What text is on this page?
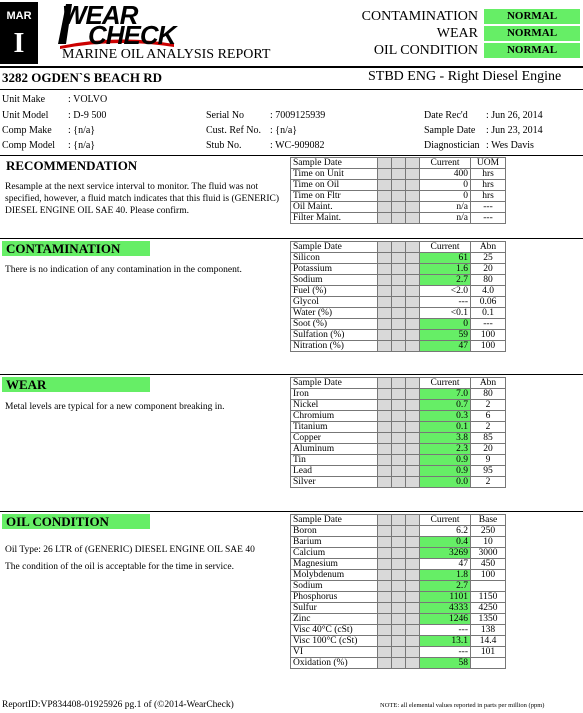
MAR
I
WEAR
CHECK
MARINE OIL ANALYSIS REPORT
CONTAMINATION	NORMAL
WEAR	NORMAL
OIL CONDITION	NORMAL
3282 OGDEN`S BEACH RD	STBD ENG - Right Diesel Engine
Unit Make : VOLVO
Unit Model : D-9 500
Comp Make : {n/a}
Comp Model : {n/a}
Serial No	: 7009125939
Cust. Ref No. : {n/a}
Stub No.	: WC-909082
Date Rec'd : Jun 26, 2014
Sample Date : Jun 23, 2014
Diagnostician : Wes Davis
RECOMMENDATION
Resample at the next service interval to monitor. The fluid was not specified, however, a fluid match indicates that this fluid is (GENERIC) DIESEL ENGINE OIL SAE 40. Please confirm.
Sample Date				Current	UOM
Time on Unit				400	hrs
Time on Oil				0	hrs
Time on Fltr				0	hrs
Oil Maint.				n/a	---
Filter Maint.				n/a	---
CONTAMINATION
There is no indication of any contamination in the component.
Sample Date				Current	Abn
Silicon				61	25
Potassium				1.6	20
Sodium				2.7	80
Fuel (%)				<2.0	4.0
Glycol				---	0.06
Water (%)				<0.1	0.1
Soot (%)				0	---
Sulfation (%)				59	100
Nitration (%)				47	100
WEAR
Metal levels are typical for a new component breaking in.
Sample Date				Current	Abn
Iron				7.0	80
Nickel				0.7	2
Chromium				0.3	6
Titanium				0.1	2
Copper				3.8	85
Aluminum				2.3	20
Tin				0.9	9
Lead				0.9	95
Silver				0.0	2
OIL CONDITION
Oil Type: 26 LTR of (GENERIC) DIESEL ENGINE OIL SAE 40
The condition of the oil is acceptable for the time in service.
Sample Date				Current	Base
Boron				6.2	250
Barium				0.4	10
Calcium				3269	3000
Magnesium				47	450
Molybdenum				1.8	100
Sodium				2.7	
Phosphorus				1101	1150
Sulfur				4333	4250
Zinc				1246	1350
Visc 40°C (cSt)				---	138
Visc 100°C (cSt)				13.1	14.4
VI				---	101
Oxidation (%)				58	
ReportID:VP834408-01925926 pg.1 of (©2014-WearCheck)	NOTE: all elemental values reported in parts per million (ppm)
